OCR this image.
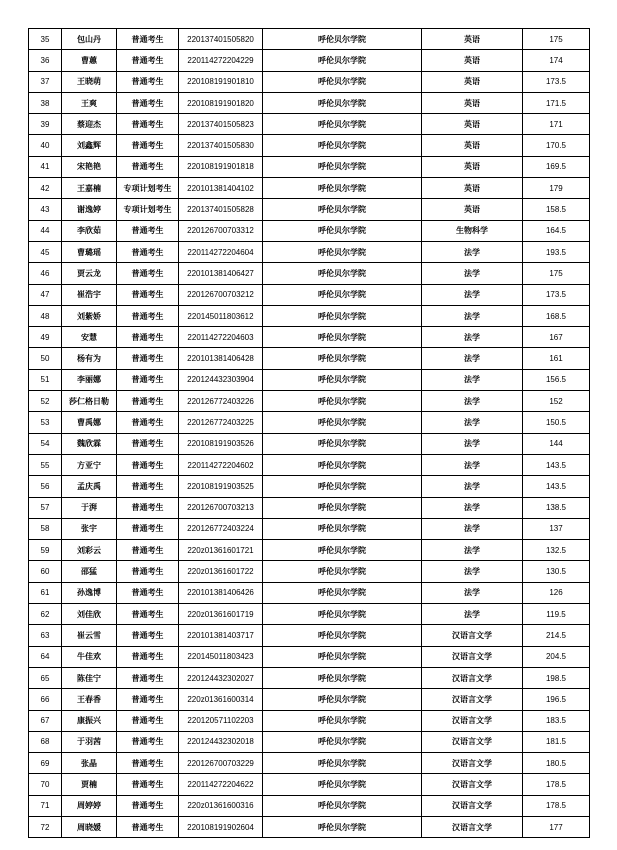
35	包山丹	普通考生	220137401505820	呼伦贝尔学院	英语	175
36	曹蕙	普通考生	220114272204229	呼伦贝尔学院	英语	174
37	王晓萌	普通考生	220108191901810	呼伦贝尔学院	英语	173.5
38	王爽	普通考生	220108191901820	呼伦贝尔学院	英语	171.5
39	蔡迎杰	普通考生	220137401505823	呼伦贝尔学院	英语	171
40	刘鑫辉	普通考生	220137401505830	呼伦贝尔学院	英语	170.5
41	宋艳艳	普通考生	220108191901818	呼伦贝尔学院	英语	169.5
42	王嘉楠	专项计划考生	220101381404102	呼伦贝尔学院	英语	179
43	谢逸婷	专项计划考生	220137401505828	呼伦贝尔学院	英语	158.5
44	李欣茹	普通考生	220126700703312	呼伦贝尔学院	生物科学	164.5
45	曹璐瑶	普通考生	220114272204604	呼伦贝尔学院	法学	193.5
46	贾云龙	普通考生	220101381406427	呼伦贝尔学院	法学	175
47	崔浩宇	普通考生	220126700703212	呼伦贝尔学院	法学	173.5
48	刘紫娇	普通考生	220145011803612	呼伦贝尔学院	法学	168.5
49	安慧	普通考生	220114272204603	呼伦贝尔学院	法学	167
50	杨有为	普通考生	220101381406428	呼伦贝尔学院	法学	161
51	李丽娜	普通考生	220124432303904	呼伦贝尔学院	法学	156.5
52	莎仁格日勒	普通考生	220126772403226	呼伦贝尔学院	法学	152
53	曹禹娜	普通考生	220126772403225	呼伦贝尔学院	法学	150.5
54	魏欣霖	普通考生	220108191903526	呼伦贝尔学院	法学	144
55	方亚宁	普通考生	220114272204602	呼伦贝尔学院	法学	143.5
56	孟庆禹	普通考生	220108191903525	呼伦贝尔学院	法学	143.5
57	于湃	普通考生	220126700703213	呼伦贝尔学院	法学	138.5
58	张宇	普通考生	220126772403224	呼伦贝尔学院	法学	137
59	刘彩云	普通考生	220z01361601721	呼伦贝尔学院	法学	132.5
60	邵猛	普通考生	220z01361601722	呼伦贝尔学院	法学	130.5
61	孙逸博	普通考生	220101381406426	呼伦贝尔学院	法学	126
62	刘佳欣	普通考生	220z01361601719	呼伦贝尔学院	法学	119.5
63	崔云雪	普通考生	220101381403717	呼伦贝尔学院	汉语言文学	214.5
64	牛佳欢	普通考生	220145011803423	呼伦贝尔学院	汉语言文学	204.5
65	陈佳宁	普通考生	220124432302027	呼伦贝尔学院	汉语言文学	198.5
66	王春香	普通考生	220z01361600314	呼伦贝尔学院	汉语言文学	196.5
67	康振兴	普通考生	220120571102203	呼伦贝尔学院	汉语言文学	183.5
68	于羽茜	普通考生	220124432302018	呼伦贝尔学院	汉语言文学	181.5
69	张晶	普通考生	220126700703229	呼伦贝尔学院	汉语言文学	180.5
70	贾楠	普通考生	220114272204622	呼伦贝尔学院	汉语言文学	178.5
71	周婷婷	普通考生	220z01361600316	呼伦贝尔学院	汉语言文学	178.5
72	周晓媛	普通考生	220108191902604	呼伦贝尔学院	汉语言文学	177
